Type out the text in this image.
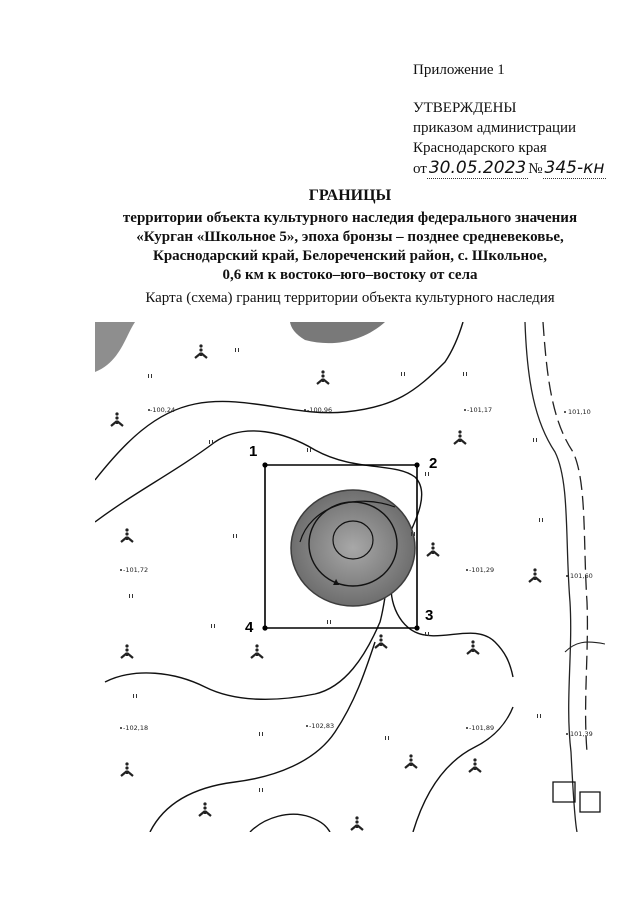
Приложение 1
УТВЕРЖДЕНЫ
приказом администрации
Краснодарского края
от 30.05.2023 № 345-кн
ГРАНИЦЫ
территории объекта культурного наследия федерального значения
«Курган «Школьное 5», эпоха бронзы – позднее средневековье,
Краснодарский край, Белореченский район, с. Школьное,
0,6 км к востоко–юго–востоку от села
Карта (схема) границ территории объекта культурного наследия
▲
1
2
3
4
-100,24	-100,96	-101,17	101,10
-101,72	-101,29
101,60
-102,18	-102,83	-101,89
101,39
